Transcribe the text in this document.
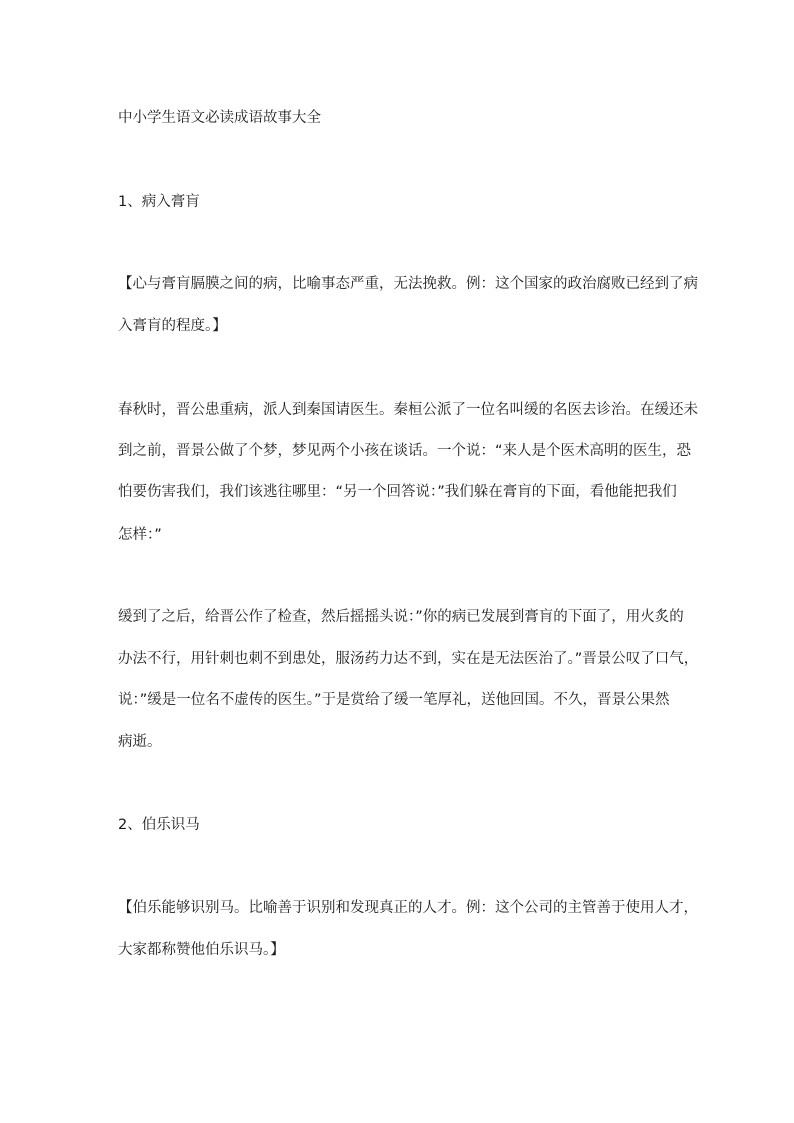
中小学生语文必读成语故事大全

1、病入膏肓

【心与膏肓膈膜之间的病，比喻事态严重，无法挽救。例：这个国家的政治腐败已经到了病

入膏肓的程度。】

春秋时，晋公患重病，派人到秦国请医生。秦桓公派了一位名叫缓的名医去诊治。在缓还未

到之前，晋景公做了个梦，梦见两个小孩在谈话。一个说：“来人是个医术高明的医生，恐

怕要伤害我们，我们该逃往哪里：“另一个回答说：”我们躲在膏肓的下面，看他能把我们

怎样：”

缓到了之后，给晋公作了检查，然后摇摇头说：”你的病已发展到膏肓的下面了，用火炙的

办法不行，用针刺也刺不到患处，服汤药力达不到，实在是无法医治了。”晋景公叹了口气，

说：”缓是一位名不虚传的医生。”于是赏给了缓一笔厚礼，送他回国。不久，晋景公果然

病逝。

2、伯乐识马

【伯乐能够识别马。比喻善于识别和发现真正的人才。例：这个公司的主管善于使用人才，

大家都称赞他伯乐识马。】
